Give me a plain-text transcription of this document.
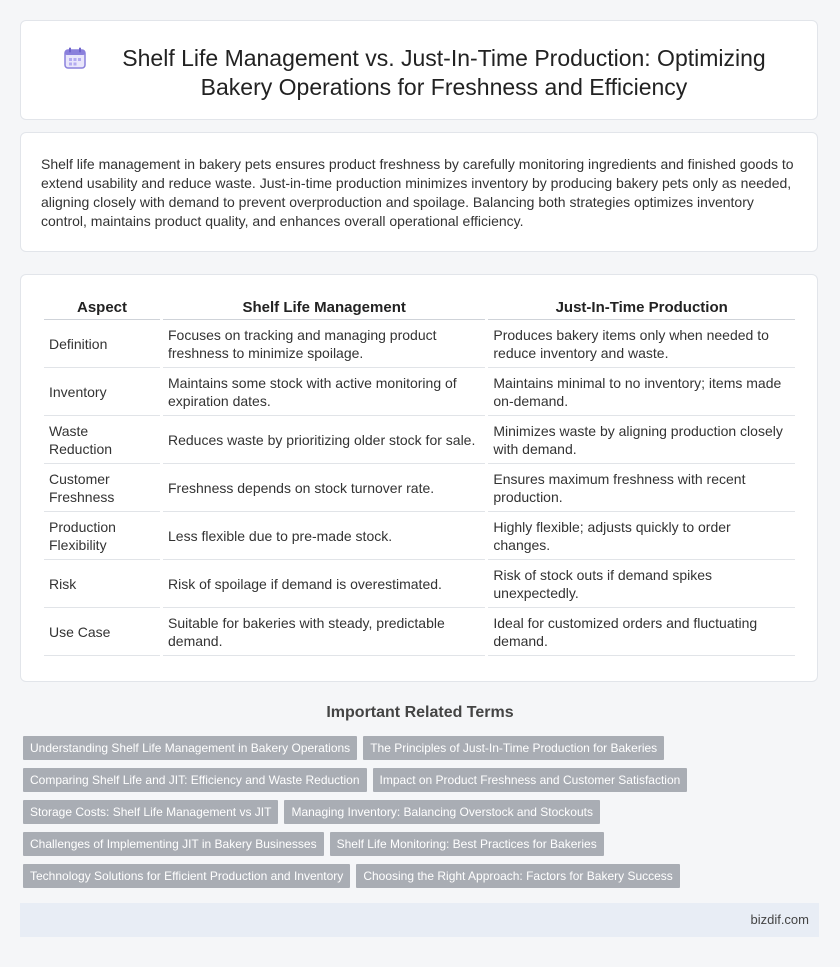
Shelf Life Management vs. Just-In-Time Production: Optimizing Bakery Operations for Freshness and Efficiency

Shelf life management in bakery pets ensures product freshness by carefully monitoring ingredients and finished goods to extend usability and reduce waste. Just-in-time production minimizes inventory by producing bakery pets only as needed, aligning closely with demand to prevent overproduction and spoilage. Balancing both strategies optimizes inventory control, maintains product quality, and enhances overall operational efficiency.

Aspect	Shelf Life Management	Just-In-Time Production
Definition	Focuses on tracking and managing product freshness to minimize spoilage.	Produces bakery items only when needed to reduce inventory and waste.
Inventory	Maintains some stock with active monitoring of expiration dates.	Maintains minimal to no inventory; items made on-demand.
Waste Reduction	Reduces waste by prioritizing older stock for sale.	Minimizes waste by aligning production closely with demand.
Customer Freshness	Freshness depends on stock turnover rate.	Ensures maximum freshness with recent production.
Production Flexibility	Less flexible due to pre-made stock.	Highly flexible; adjusts quickly to order changes.
Risk	Risk of spoilage if demand is overestimated.	Risk of stock outs if demand spikes unexpectedly.
Use Case	Suitable for bakeries with steady, predictable demand.	Ideal for customized orders and fluctuating demand.
Important Related Terms
Understanding Shelf Life Management in Bakery Operations The Principles of Just-In-Time Production for Bakeries
Comparing Shelf Life and JIT: Efficiency and Waste Reduction Impact on Product Freshness and Customer Satisfaction
Storage Costs: Shelf Life Management vs JIT Managing Inventory: Balancing Overstock and Stockouts
Challenges of Implementing JIT in Bakery Businesses Shelf Life Monitoring: Best Practices for Bakeries
Technology Solutions for Efficient Production and Inventory Choosing the Right Approach: Factors for Bakery Success
bizdif.com
